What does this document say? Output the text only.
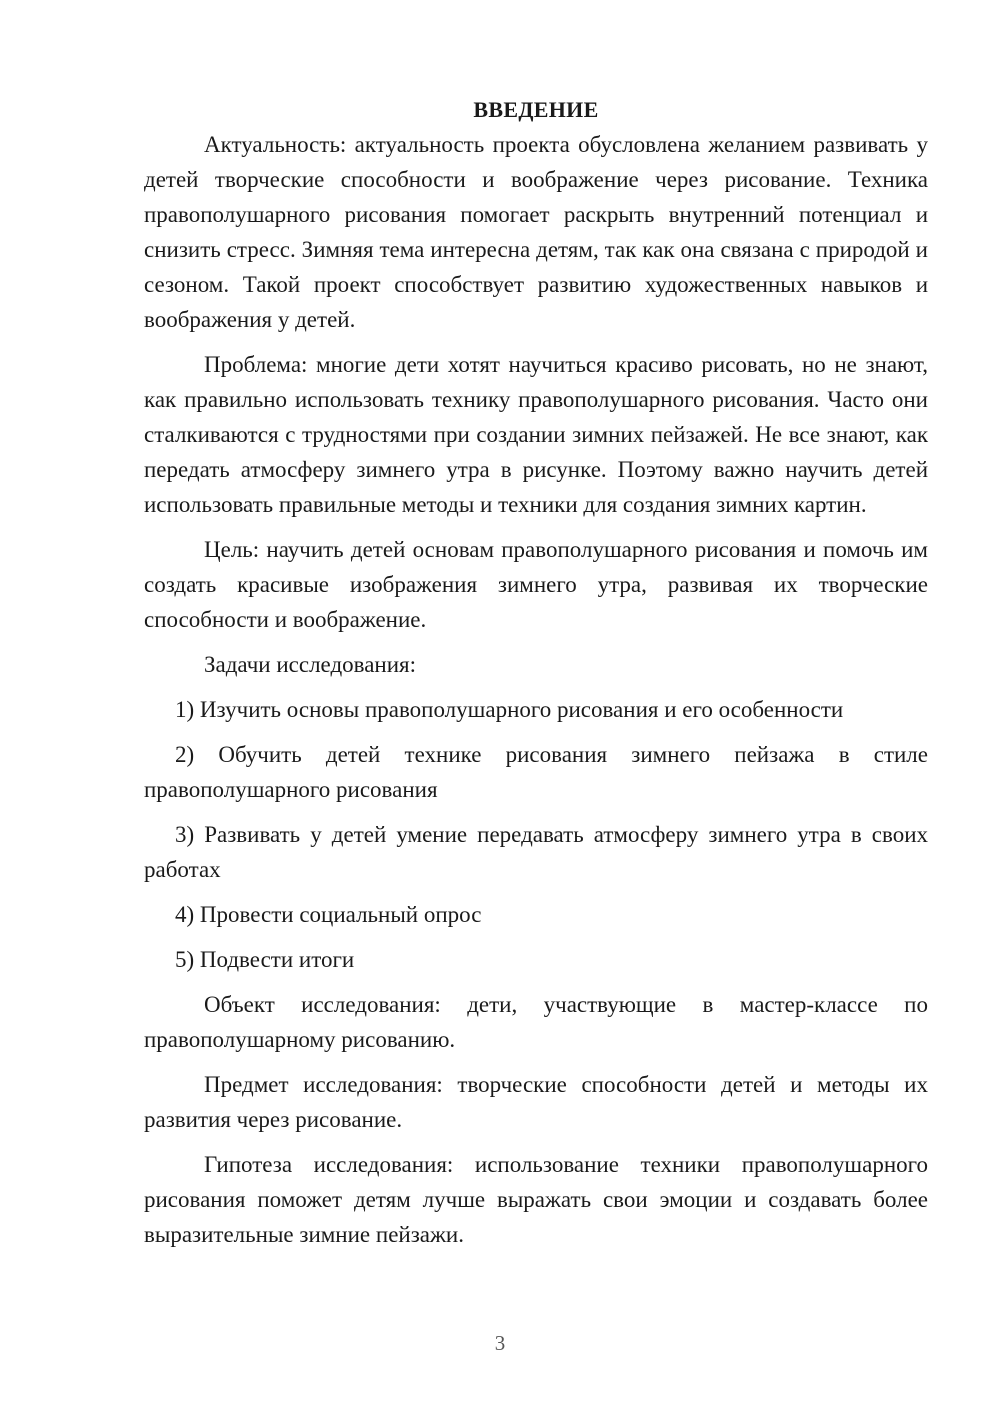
ВВЕДЕНИЕ

Актуальность: актуальность проекта обусловлена желанием развивать у детей творческие способности и воображение через рисование. Техника правополушарного рисования помогает раскрыть внутренний потенциал и снизить стресс. Зимняя тема интересна детям, так как она связана с природой и сезоном. Такой проект способствует развитию художественных навыков и воображения у детей.

Проблема: многие дети хотят научиться красиво рисовать, но не знают, как правильно использовать технику правополушарного рисования. Часто они сталкиваются с трудностями при создании зимних пейзажей. Не все знают, как передать атмосферу зимнего утра в рисунке. Поэтому важно научить детей использовать правильные методы и техники для создания зимних картин.

Цель: научить детей основам правополушарного рисования и помочь им создать красивые изображения зимнего утра, развивая их творческие способности и воображение.

Задачи исследования:

1) Изучить основы правополушарного рисования и его особенности

2) Обучить детей технике рисования зимнего пейзажа в стиле правополушарного рисования

3) Развивать у детей умение передавать атмосферу зимнего утра в своих работах

4) Провести социальный опрос

5) Подвести итоги

Объект исследования: дети, участвующие в мастер-классе по правополушарному рисованию.

Предмет исследования: творческие способности детей и методы их развития через рисование.

Гипотеза исследования: использование техники правополушарного рисования поможет детям лучше выражать свои эмоции и создавать более выразительные зимние пейзажи.

3
